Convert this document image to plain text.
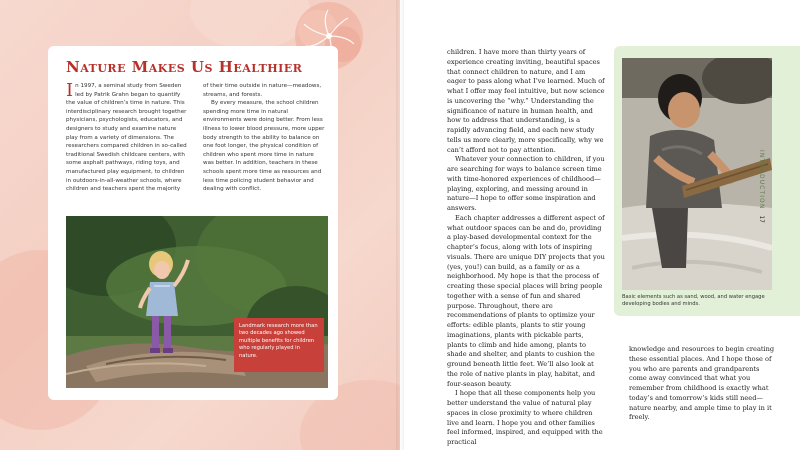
Nature Makes Us Healthier
In 1997, a seminal study from Sweden led by Patrik Grahn began to quantify the value of children’s time in nature. This interdisciplinary research brought together physicians, psychologists, educators, and designers to study and examine nature play from a variety of dimensions. The researchers compared children in so-called traditional Swedish childcare centers, with some asphalt pathways, riding toys, and manufactured play equipment, to children in outdoors-in-all-weather schools, where children and teachers spent the majority

of their time outside in nature—meadows, streams, and forests.

By every measure, the school children spending more time in natural environments were doing better. From less illness to lower blood pressure, more upper body strength to the ability to balance on one foot longer, the physical condition of children who spent more time in nature was better. In addition, teachers in these schools spent more time as resources and less time policing student behavior and dealing with conflict.

Landmark research more than two decades ago showed multiple benefits for children who regularly played in nature.

children. I have more than thirty years of experience creating inviting, beautiful spaces that connect children to nature, and I am eager to pass along what I’ve learned. Much of what I offer may feel intuitive, but now science is uncovering the “why.” Understanding the significance of nature in human health, and how to address that understanding, is a rapidly advancing field, and each new study tells us more clearly, more specifically, why we can’t afford not to pay attention.

Whatever your connection to children, if you are searching for ways to balance screen time with time-honored experiences of childhood—playing, exploring, and messing around in nature—I hope to offer some inspiration and answers.

Each chapter addresses a different aspect of what outdoor spaces can be and do, providing a play-based developmental context for the chapter’s focus, along with lots of inspiring visuals. There are unique DIY projects that you (yes, you!) can build, as a family or as a neighborhood. My hope is that the process of creating these special places will bring people together with a sense of fun and shared purpose. Throughout, there are recommendations of plants to optimize your efforts: edible plants, plants to stir young imaginations, plants with pickable parts, plants to climb and hide among, plants to shade and shelter, and plants to cushion the ground beneath little feet. We’ll also look at the role of native plants in play, habitat, and four-season beauty.

I hope that all these components help you better understand the value of natural play spaces in close proximity to where children live and learn. I hope you and other families feel informed, inspired, and equipped with the practical

Basic elements such as sand, wood, and water engage developing bodies and minds.
INTRODUCTION17

knowledge and resources to begin creating these essential places. And I hope those of you who are parents and grandparents come away convinced that what you remember from childhood is exactly what today’s and tomorrow’s kids still need—nature nearby, and ample time to play in it freely.
